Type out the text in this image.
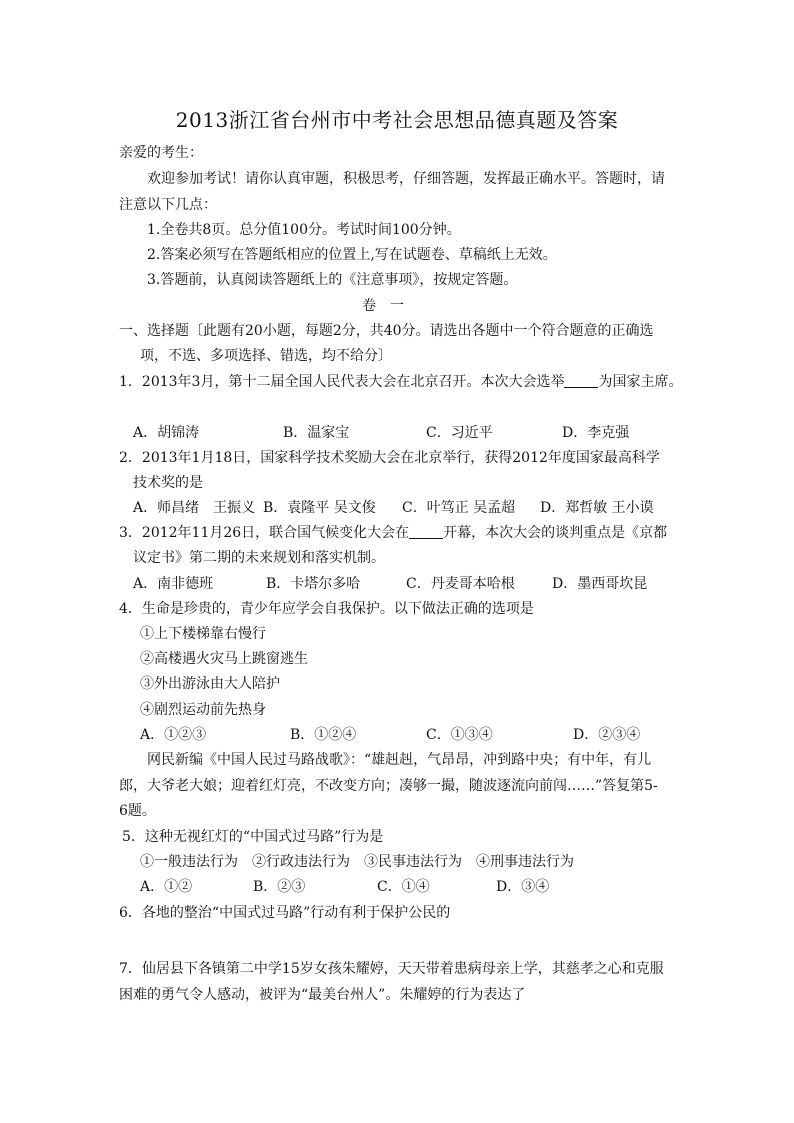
2013浙江省台州市中考社会思想品德真题及答案
亲爱的考生：
欢迎参加考试！请你认真审题，积极思考，仔细答题，发挥最正确水平。答题时，请
注意以下几点：
1.全卷共8页。总分值100分。考试时间100分钟。
2.答案必须写在答题纸相应的位置上,写在试题卷、草稿纸上无效。
3.答题前，认真阅读答题纸上的《注意事项》，按规定答题。
卷　一
一、选择题〔此题有20小题，每题2分，共40分。请选出各题中一个符合题意的正确选
项，不选、多项选择、错选，均不给分〕
1．2013年3月，第十二届全国人民代表大会在北京召开。本次大会选举 为国家主席。
A．胡锦涛	B．温家宝	C．习近平	D．李克强
2．2013年1月18日，国家科学技术奖励大会在北京举行，获得2012年度国家最高科学
技术奖的是
A．师昌绪　王振义 B．袁隆平 吴文俊 C．叶笃正 吴孟超 D．郑哲敏 王小谟
3．2012年11月26日，联合国气候变化大会在 开幕，本次大会的谈判重点是《京都
议定书》第二期的未来规划和落实机制。
A．南非德班	B．卡塔尔多哈	C．丹麦哥本哈根	D．墨西哥坎昆
4．生命是珍贵的，青少年应学会自我保护。以下做法正确的选项是
①上下楼梯靠右慢行
②高楼遇火灾马上跳窗逃生
③外出游泳由大人陪护
④剧烈运动前先热身
A．①②③	B．①②④	C．①③④	D．②③④
网民新编《中国人民过马路战歌》：“雄赳赳，气昂昂，冲到路中央；有中年，有儿
郎，大爷老大娘；迎着红灯亮，不改变方向；凑够一撮，随波逐流向前闯……”答复第5-
6题。
5．这种无视红灯的“中国式过马路”行为是
①一般违法行为　②行政违法行为　③民事违法行为　④刑事违法行为
A．①②	B．②③	C．①④	D．③④
6．各地的整治“中国式过马路”行动有利于保护公民的
7．仙居县下各镇第二中学15岁女孩朱耀婷，天天带着患病母亲上学，其慈孝之心和克服
困难的勇气令人感动，被评为“最美台州人”。朱耀婷的行为表达了
